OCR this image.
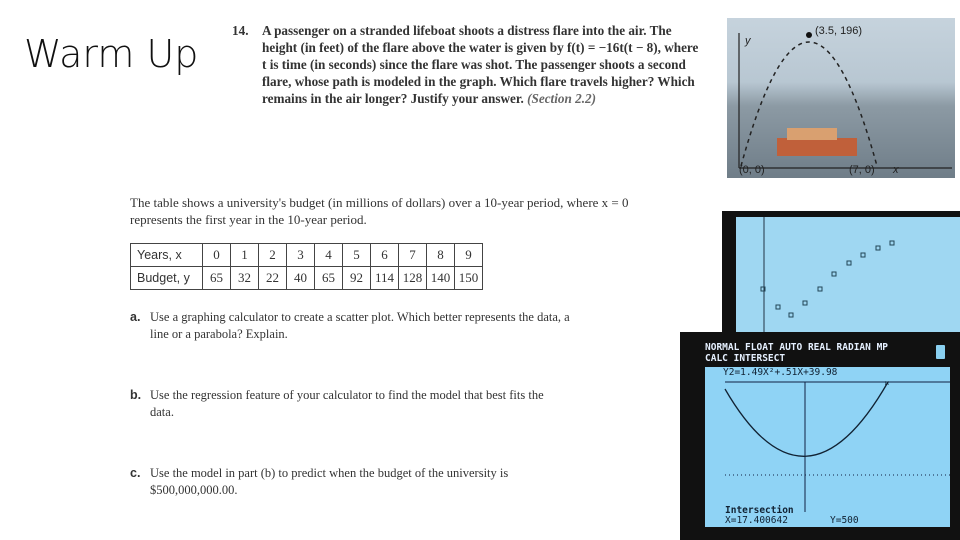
Warm Up
14. A passenger on a stranded lifeboat shoots a distress flare into the air. The height (in feet) of the flare above the water is given by f(t) = −16t(t − 8), where t is time (in seconds) since the flare was shot. The passenger shoots a second flare, whose path is modeled in the graph. Which flare travels higher? Which remains in the air longer? Justify your answer. (Section 2.2)
(3.5, 196)
y
(0, 0)	(7, 0) x
The table shows a university's budget (in millions of dollars) over a 10-year period, where x = 0 represents the first year in the 10-year period.
Years, x	0	1	2	3	4	5	6	7	8	9
Budget, y	65	32	22	40	65	92	114	128	140	150
a. Use a graphing calculator to create a scatter plot. Which better represents the data, a line or a parabola? Explain.
b. Use the regression feature of your calculator to find the model that best fits the data.
c. Use the model in part (b) to predict when the budget of the university is $500,000,000.00.
NORMAL FLOAT AUTO REAL RADIAN MP
CALC INTERSECT
Y2=1.49X²+.51X+39.98
¤
Intersection
X=17.400642	Y=500
